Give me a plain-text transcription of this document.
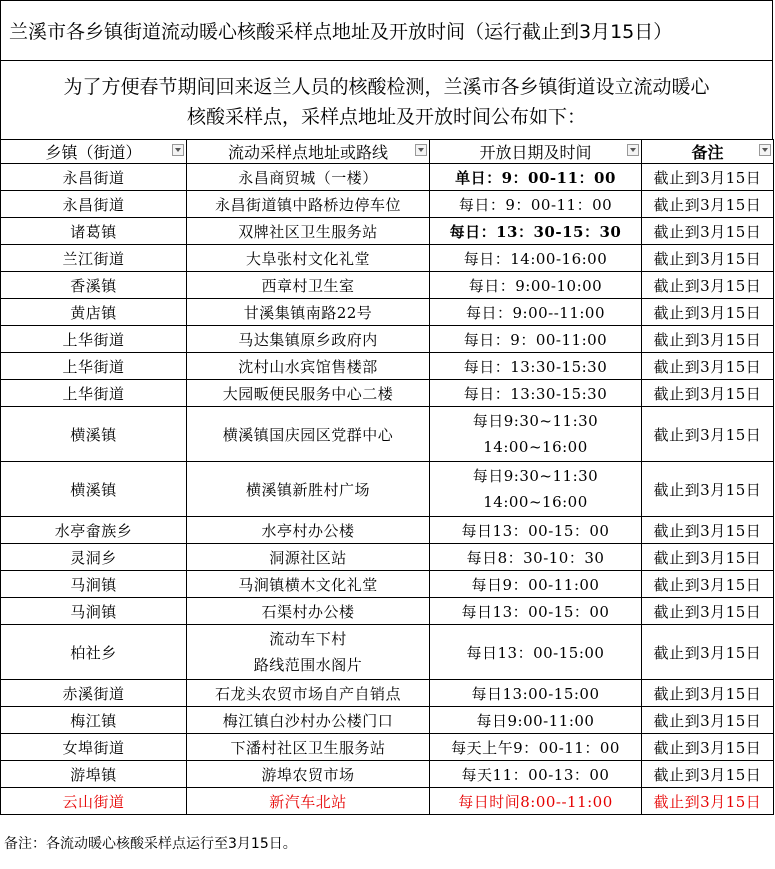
兰溪市各乡镇街道流动暖心核酸采样点地址及开放时间（运行截止到3月15日）
为了方便春节期间回来返兰人员的核酸检测，兰溪市各乡镇街道设立流动暖心
核酸采样点，采样点地址及开放时间公布如下：
乡镇（街道）	流动采样点地址或路线	开放日期及时间	备注

永昌街道	永昌商贸城（一楼）	单日：9：00-11：00	截止到3月15日
永昌街道	永昌街道镇中路桥边停车位	每日：9：00-11：00	截止到3月15日
诸葛镇	双牌社区卫生服务站	每日：13：30-15：30	截止到3月15日
兰江街道	大阜张村文化礼堂	每日：14:00-16:00	截止到3月15日
香溪镇	西章村卫生室	每日：9:00-10:00	截止到3月15日
黄店镇	甘溪集镇南路22号	每日：9:00--11:00	截止到3月15日
上华街道	马达集镇原乡政府内	每日：9：00-11:00	截止到3月15日
上华街道	沈村山水宾馆售楼部	每日：13:30-15:30	截止到3月15日
上华街道	大园畈便民服务中心二楼	每日：13:30-15:30	截止到3月15日
横溪镇	横溪镇国庆园区党群中心	每日9:30~11:30
14:00~16:00	截止到3月15日
横溪镇	横溪镇新胜村广场	每日9:30~11:30
14:00~16:00	截止到3月15日
水亭畲族乡	水亭村办公楼	每日13：00-15：00	截止到3月15日
灵洞乡	洞源社区站	每日8：30-10：30	截止到3月15日
马涧镇	马涧镇横木文化礼堂	每日9：00-11:00	截止到3月15日
马涧镇	石渠村办公楼	每日13：00-15：00	截止到3月15日
柏社乡	流动车下村
路线范围水阁片	每日13：00-15:00	截止到3月15日
赤溪街道	石龙头农贸市场自产自销点	每日13:00-15:00	截止到3月15日
梅江镇	梅江镇白沙村办公楼门口	每日9:00-11:00	截止到3月15日
女埠街道	下潘村社区卫生服务站	每天上午9：00-11：00	截止到3月15日
游埠镇	游埠农贸市场	每天11：00-13：00	截止到3月15日
云山街道	新汽车北站	每日时间8:00--11:00	截止到3月15日
备注：各流动暖心核酸采样点运行至3月15日。
